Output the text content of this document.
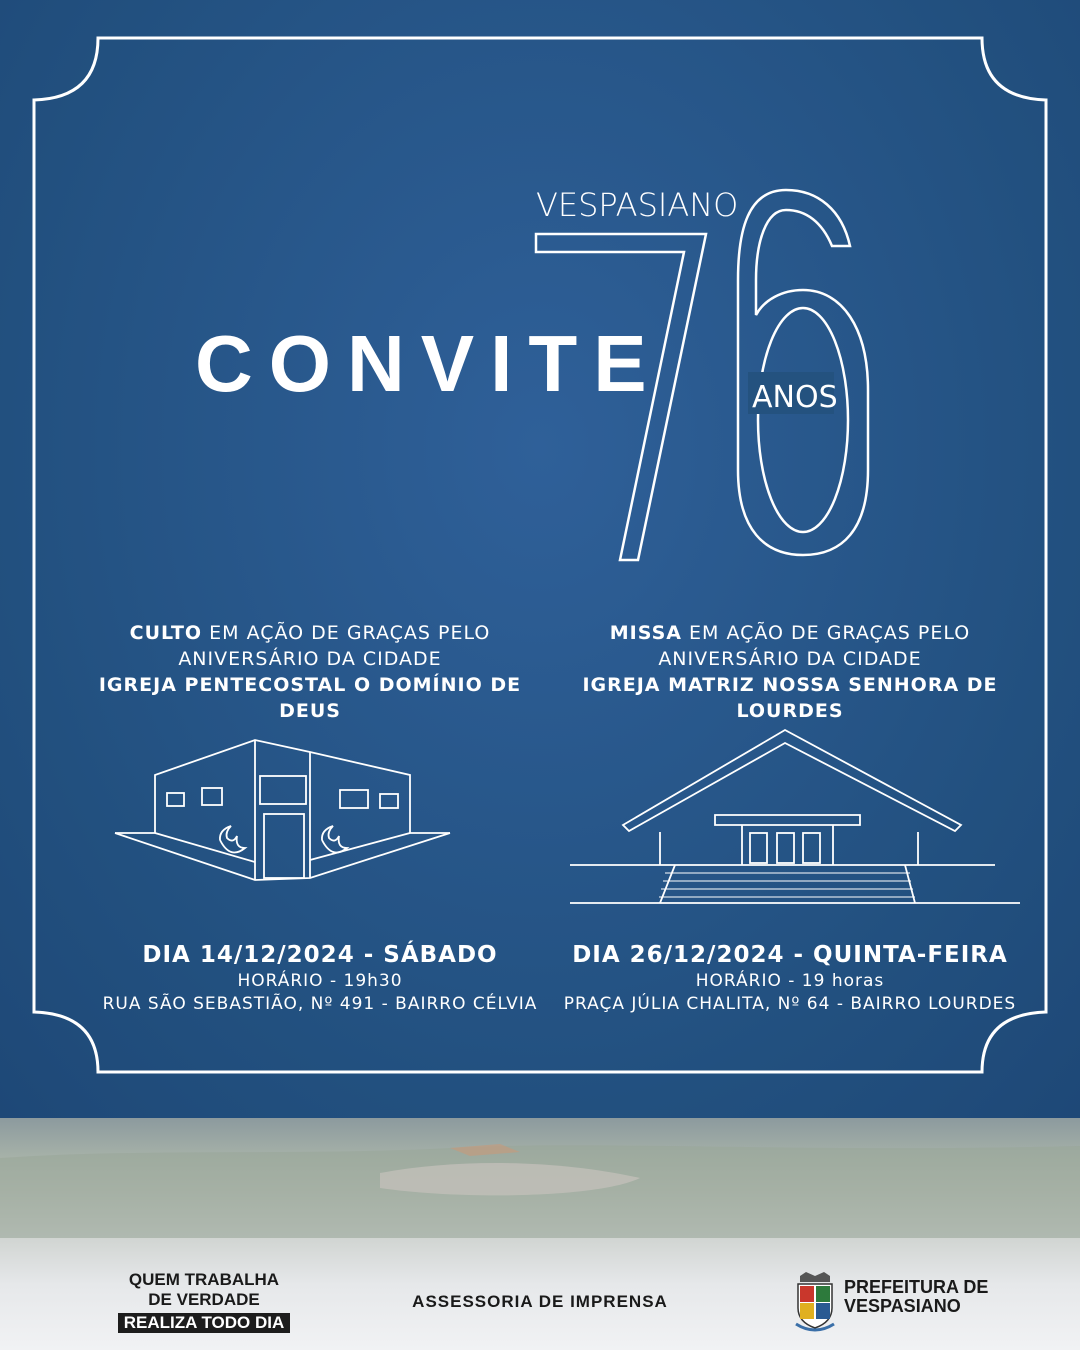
VESPASIANO
ANOS

CONVITE

CULTO EM AÇÃO DE GRAÇAS PELO
ANIVERSÁRIO DA CIDADE
IGREJA PENTECOSTAL O DOMÍNIO DE DEUS
MISSA EM AÇÃO DE GRAÇAS PELO
ANIVERSÁRIO DA CIDADE
IGREJA MATRIZ NOSSA SENHORA DE LOURDES
DIA 14/12/2024 - SÁBADO
HORÁRIO - 19h30
RUA SÃO SEBASTIÃO, Nº 491 - BAIRRO CÉLVIA
DIA 26/12/2024 - QUINTA-FEIRA
HORÁRIO - 19 horas
PRAÇA JÚLIA CHALITA, Nº 64 - BAIRRO LOURDES
QUEM TRABALHA
DE VERDADE
REALIZA TODO DIA
ASSESSORIA DE IMPRENSA
PREFEITURA DE
VESPASIANO
